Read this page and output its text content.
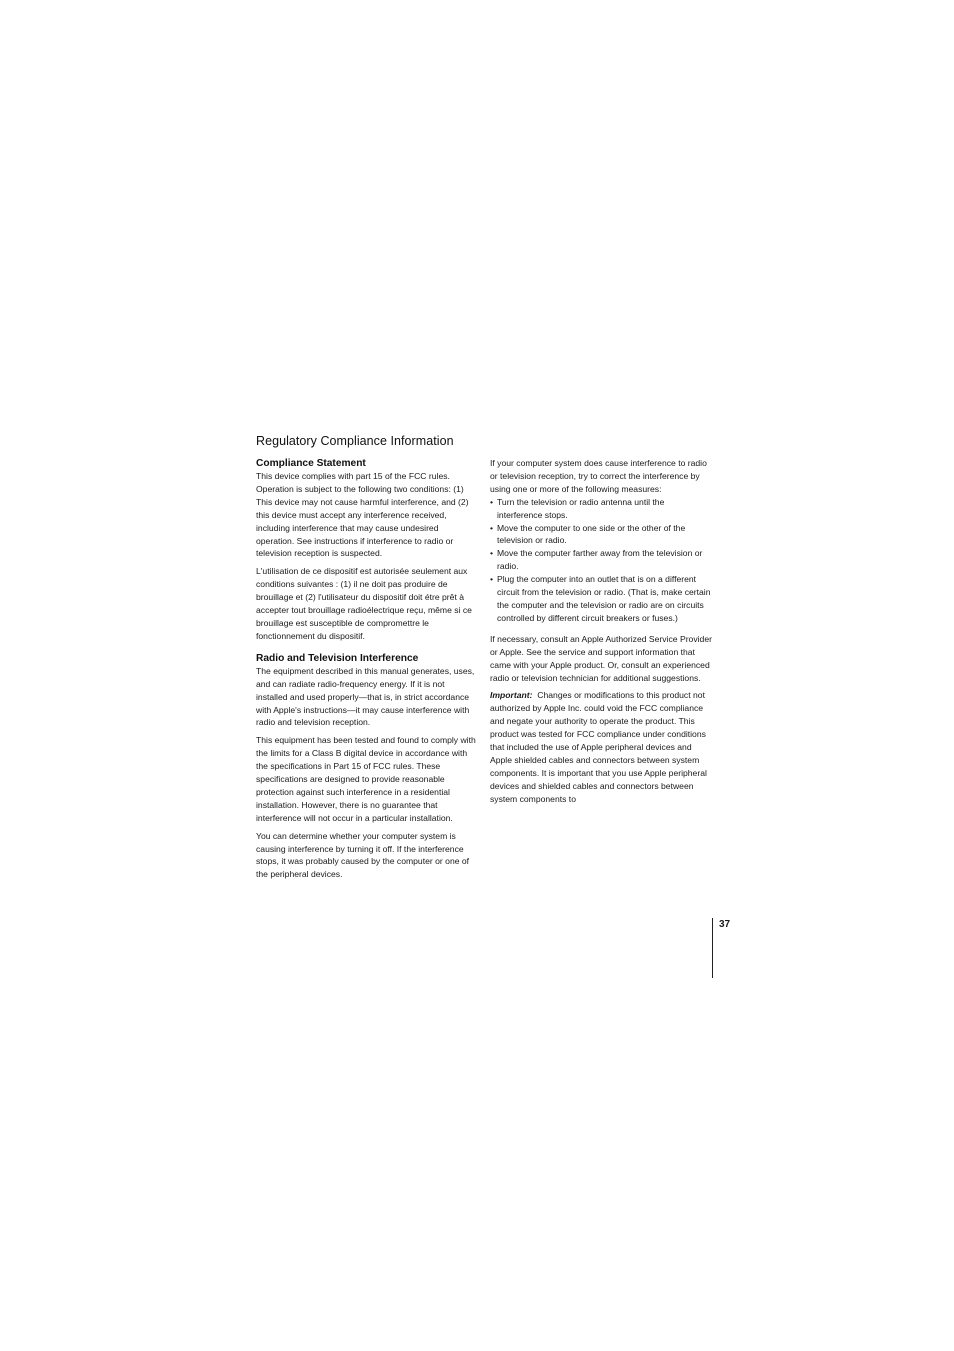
Regulatory Compliance Information
Compliance Statement

This device complies with part 15 of the FCC rules. Operation is subject to the following two conditions: (1) This device may not cause harmful interference, and (2) this device must accept any interference received, including interference that may cause undesired operation. See instructions if interference to radio or television reception is suspected.

L'utilisation de ce dispositif est autorisée seulement aux conditions suivantes : (1) il ne doit pas produire de brouillage et (2) l'utilisateur du dispositif doit étre prêt à accepter tout brouillage radioélectrique reçu, même si ce brouillage est susceptible de compromettre le fonctionnement du dispositif.

Radio and Television Interference

The equipment described in this manual generates, uses, and can radiate radio-frequency energy. If it is not installed and used properly—that is, in strict accordance with Apple's instructions—it may cause interference with radio and television reception.

This equipment has been tested and found to comply with the limits for a Class B digital device in accordance with the specifications in Part 15 of FCC rules. These specifications are designed to provide reasonable protection against such interference in a residential installation. However, there is no guarantee that interference will not occur in a particular installation.

You can determine whether your computer system is causing interference by turning it off. If the interference stops, it was probably caused by the computer or one of the peripheral devices.

If your computer system does cause interference to radio or television reception, try to correct the interference by using one or more of the following measures:

• Turn the television or radio antenna until the interference stops.
• Move the computer to one side or the other of the television or radio.
• Move the computer farther away from the television or radio.
• Plug the computer into an outlet that is on a different circuit from the television or radio. (That is, make certain the computer and the television or radio are on circuits controlled by different circuit breakers or fuses.)

If necessary, consult an Apple Authorized Service Provider or Apple. See the service and support information that came with your Apple product. Or, consult an experienced radio or television technician for additional suggestions.

Important: Changes or modifications to this product not authorized by Apple Inc. could void the FCC compliance and negate your authority to operate the product. This product was tested for FCC compliance under conditions that included the use of Apple peripheral devices and Apple shielded cables and connectors between system components. It is important that you use Apple peripheral devices and shielded cables and connectors between system components to

37
